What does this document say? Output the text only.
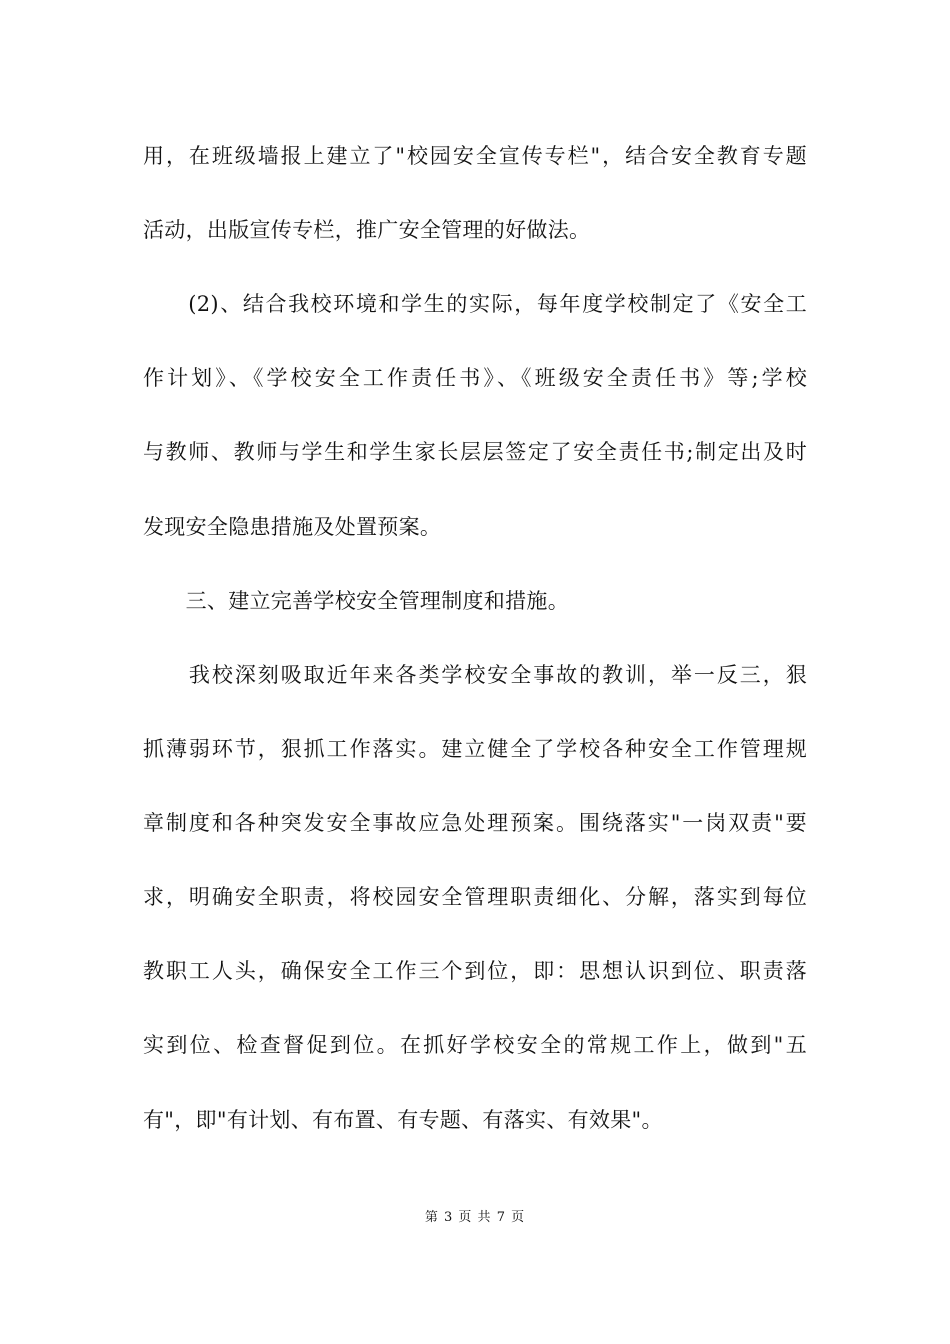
用，在班级墙报上建立了"校园安全宣传专栏"，结合安全教育专题
活动，出版宣传专栏，推广安全管理的好做法。
　　(2)、结合我校环境和学生的实际，每年度学校制定了《安全工
作计划》、《学校安全工作责任书》、《班级安全责任书》等;学校
与教师、教师与学生和学生家长层层签定了安全责任书;制定出及时
发现安全隐患措施及处置预案。
　　三、建立完善学校安全管理制度和措施。
　　我校深刻吸取近年来各类学校安全事故的教训，举一反三，狠
抓薄弱环节，狠抓工作落实。建立健全了学校各种安全工作管理规
章制度和各种突发安全事故应急处理预案。围绕落实"一岗双责"要
求，明确安全职责，将校园安全管理职责细化、分解，落实到每位
教职工人头，确保安全工作三个到位，即：思想认识到位、职责落
实到位、检查督促到位。在抓好学校安全的常规工作上，做到"五
有"，即"有计划、有布置、有专题、有落实、有效果"。
第 3 页 共 7 页
